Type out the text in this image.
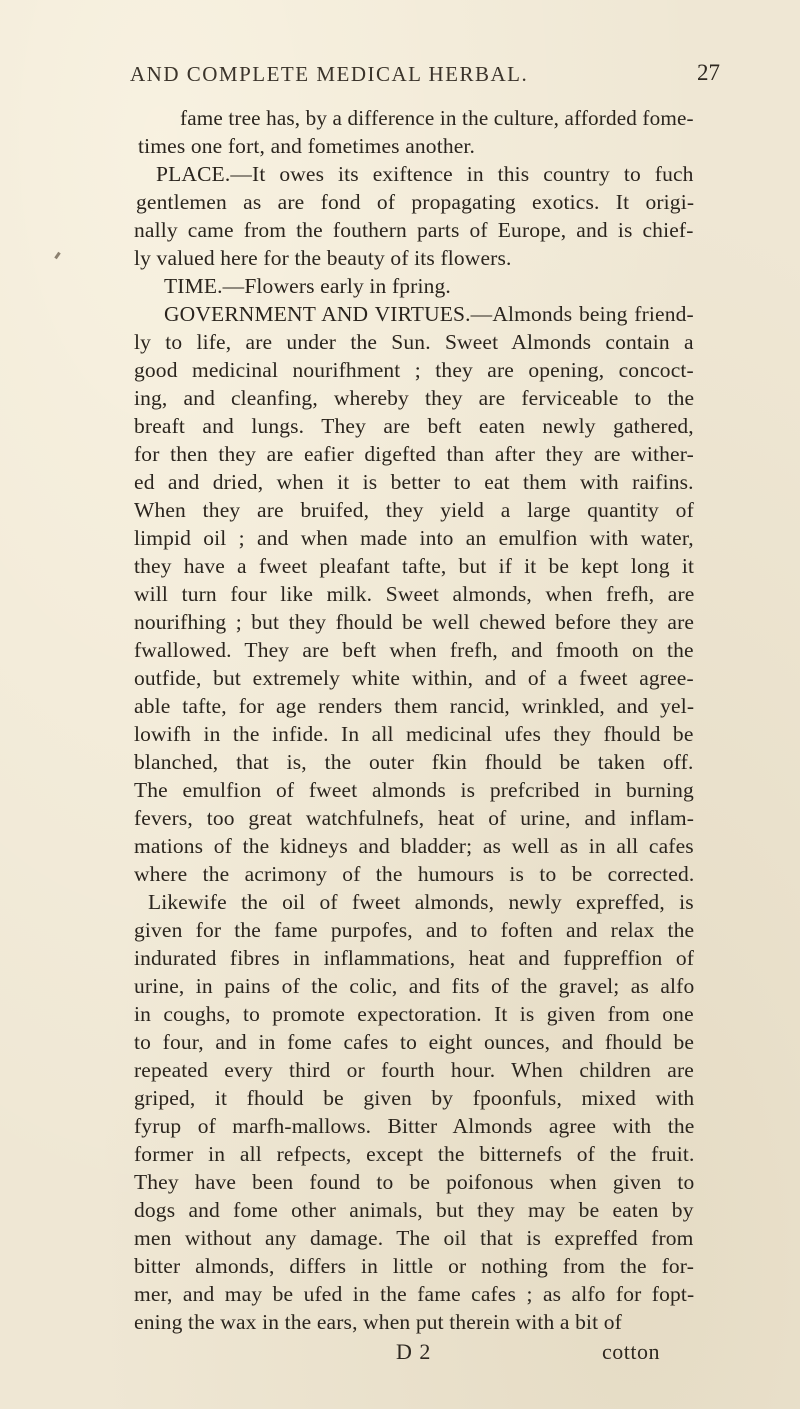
AND COMPLETE MEDICAL HERBAL.	27
fame tree has, by a difference in the culture, afforded fome-
times one fort, and fometimes another.
PLACE.—It owes its exiftence in this country to fuch
gentlemen as are fond of propagating exotics. It origi-
nally came from the fouthern parts of Europe, and is chief-
ly valued here for the beauty of its flowers.
TIME.—Flowers early in fpring.
GOVERNMENT AND VIRTUES.—Almonds being friend-
ly to life, are under the Sun. Sweet Almonds contain a
good medicinal nourifhment ; they are opening, concoct-
ing, and cleanfing, whereby they are ferviceable to the
breaft and lungs. They are beft eaten newly gathered,
for then they are eafier digefted than after they are wither-
ed and dried, when it is better to eat them with raifins.
When they are bruifed, they yield a large quantity of
limpid oil ; and when made into an emulfion with water,
they have a fweet pleafant tafte, but if it be kept long it
will turn four like milk. Sweet almonds, when frefh, are
nourifhing ; but they fhould be well chewed before they are
fwallowed. They are beft when frefh, and fmooth on the
outfide, but extremely white within, and of a fweet agree-
able tafte, for age renders them rancid, wrinkled, and yel-
lowifh in the infide. In all medicinal ufes they fhould be
blanched, that is, the outer fkin fhould be taken off.
The emulfion of fweet almonds is prefcribed in burning
fevers, too great watchfulnefs, heat of urine, and inflam-
mations of the kidneys and bladder; as well as in all cafes
where the acrimony of the humours is to be corrected.
Likewife the oil of fweet almonds, newly expreffed, is
given for the fame purpofes, and to foften and relax the
indurated fibres in inflammations, heat and fuppreffion of
urine, in pains of the colic, and fits of the gravel; as alfo
in coughs, to promote expectoration. It is given from one
to four, and in fome cafes to eight ounces, and fhould be
repeated every third or fourth hour. When children are
griped, it fhould be given by fpoonfuls, mixed with
fyrup of marfh-mallows. Bitter Almonds agree with the
former in all refpects, except the bitternefs of the fruit.
They have been found to be poifonous when given to
dogs and fome other animals, but they may be eaten by
men without any damage. The oil that is expreffed from
bitter almonds, differs in little or nothing from the for-
mer, and may be ufed in the fame cafes ; as alfo for fopt-
ening the wax in the ears, when put therein with a bit of
D 2	cotton
